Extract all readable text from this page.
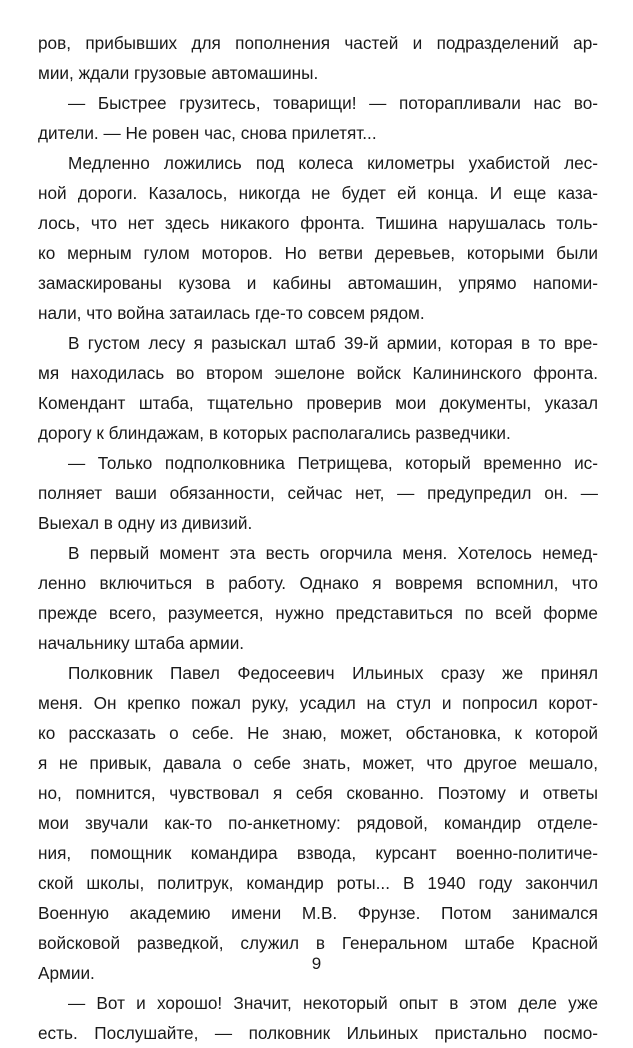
ров, прибывших для пополнения частей и подразделений ар-
мии, ждали грузовые автомашины.
— Быстрее грузитесь, товарищи! — поторапливали нас во-
дители. — Не ровен час, снова прилетят...
Медленно ложились под колеса километры ухабистой лес-
ной дороги. Казалось, никогда не будет ей конца. И еще каза-
лось, что нет здесь никакого фронта. Тишина нарушалась толь-
ко мерным гулом моторов. Но ветви деревьев, которыми были
замаскированы кузова и кабины автомашин, упрямо напоми-
нали, что война затаилась где-то совсем рядом.
В густом лесу я разыскал штаб 39-й армии, которая в то вре-
мя находилась во втором эшелоне войск Калининского фронта.
Комендант штаба, тщательно проверив мои документы, указал
дорогу к блиндажам, в которых располагались разведчики.
— Только подполковника Петрищева, который временно ис-
полняет ваши обязанности, сейчас нет, — предупредил он. —
Выехал в одну из дивизий.
В первый момент эта весть огорчила меня. Хотелось немед-
ленно включиться в работу. Однако я вовремя вспомнил, что
прежде всего, разумеется, нужно представиться по всей форме
начальнику штаба армии.
Полковник Павел Федосеевич Ильиных сразу же принял
меня. Он крепко пожал руку, усадил на стул и попросил корот-
ко рассказать о себе. Не знаю, может, обстановка, к которой
я не привык, давала о себе знать, может, что другое мешало,
но, помнится, чувствовал я себя скованно. Поэтому и ответы
мои звучали как-то по-анкетному: рядовой, командир отделе-
ния, помощник командира взвода, курсант военно-политиче-
ской школы, политрук, командир роты... В 1940 году закончил
Военную академию имени М.В. Фрунзе. Потом занимался
войсковой разведкой, служил в Генеральном штабе Красной
Армии.
— Вот и хорошо! Значит, некоторый опыт в этом деле уже
есть. Послушайте, — полковник Ильиных пристально посмо-
9
